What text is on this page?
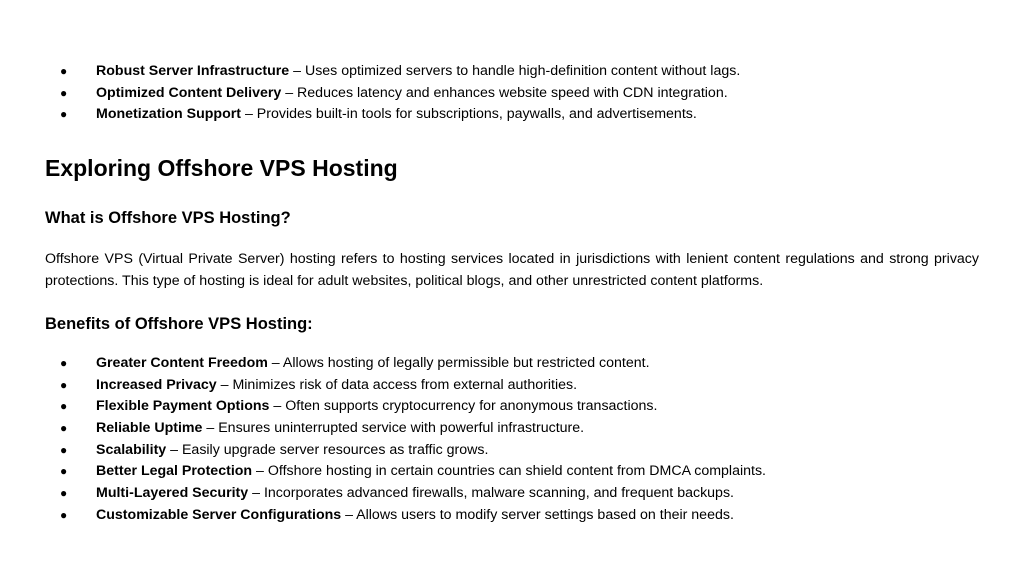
● Robust Server Infrastructure – Uses optimized servers to handle high-definition content without lags.
● Optimized Content Delivery – Reduces latency and enhances website speed with CDN integration.
● Monetization Support – Provides built-in tools for subscriptions, paywalls, and advertisements.
Exploring Offshore VPS Hosting
What is Offshore VPS Hosting?

Offshore VPS (Virtual Private Server) hosting refers to hosting services located in jurisdictions with lenient content regulations and strong privacy protections. This type of hosting is ideal for adult websites, political blogs, and other unrestricted content platforms.

Benefits of Offshore VPS Hosting:
● Greater Content Freedom – Allows hosting of legally permissible but restricted content.
● Increased Privacy – Minimizes risk of data access from external authorities.
● Flexible Payment Options – Often supports cryptocurrency for anonymous transactions.
● Reliable Uptime – Ensures uninterrupted service with powerful infrastructure.
● Scalability – Easily upgrade server resources as traffic grows.
● Better Legal Protection – Offshore hosting in certain countries can shield content from DMCA complaints.
● Multi-Layered Security – Incorporates advanced firewalls, malware scanning, and frequent backups.
● Customizable Server Configurations – Allows users to modify server settings based on their needs.
